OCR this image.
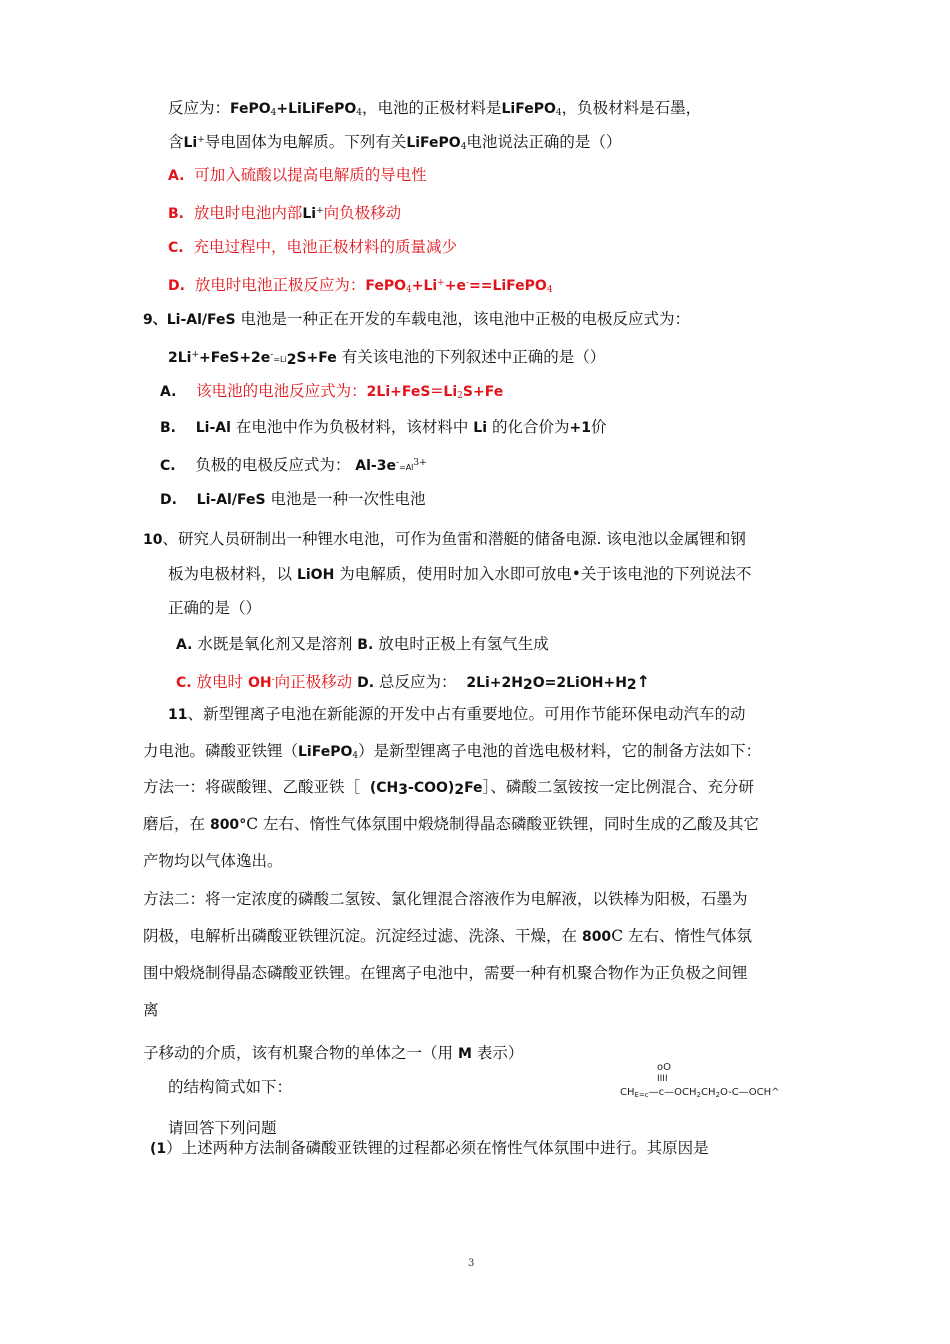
反应为：FePO$_4$+LiLiFePO$_4$，电池的正极材料是LiFePO$_4$，负极材料是石墨，
含Li+导电固体为电解质。下列有关LiFePO$_4$电池说法正确的是（）
A. 可加入硫酸以提高电解质的导电性
B. 放电时电池内部Li+向负极移动
C. 充电过程中，电池正极材料的质量减少
D. 放电时电池正极反应为：FePO$_4$+Li++e-==LiFePO$_4$
9、Li-Al/FeS 电池是一种正在开发的车载电池，该电池中正极的电极反应式为：
$2Li^++FeS+2e^-=Li_2S+Fe$ 有关该电池的下列叙述中正确的是（）
A. 该电池的电池反应式为：$2Li+FeS=Li_2S+Fe$
B. Li-Al 在电池中作为负极材料，该材料中 Li 的化合价为+1价
C. 负极的电极反应式为： $Al-3e^-=Al^{3+}$
D. Li-Al/FeS 电池是一种一次性电池
10、研究人员研制出一种锂水电池，可作为鱼雷和潜艇的储备电源. 该电池以金属锂和钢
板为电极材料，以 LiOH 为电解质，使用时加入水即可放电•关于该电池的下列说法不
正确的是（）
A. 水既是氧化剂又是溶剂 B. 放电时正极上有氢气生成
C. 放电时 OH-向正极移动 D. 总反应为： $2Li+2H_2O=2LiOH+H_2↑$
11、新型锂离子电池在新能源的开发中占有重要地位。可用作节能环保电动汽车的动
力电池。磷酸亚铁锂（LiFePO$_4$）是新型锂离子电池的首选电极材料，它的制备方法如下：
方法一：将碳酸锂、乙酸亚铁［ $(CH_3-COO)_2Fe]$、磷酸二氢铵按一定比例混合、充分研
磨后，在 800°C 左右、惰性气体氛围中煅烧制得晶态磷酸亚铁锂，同时生成的乙酸及其它
产物均以气体逸出。
方法二：将一定浓度的磷酸二氢铵、氯化锂混合溶液作为电解液，以铁棒为阳极，石墨为
阴极，电解析出磷酸亚铁锂沉淀。沉淀经过滤、洗涤、干燥，在 800C 左右、惰性气体氛
围中煅烧制得晶态磷酸亚铁锂。在锂离子电池中，需要一种有机聚合物作为正负极之间锂
离
子移动的介质，该有机聚合物的单体之一（用 M 表示）
的结构简式如下：
oO
IIII
$CH_{E=c}—c—OCH_2CH_2O-C—OCH\^{}$
请回答下列问题
(1）上述两种方法制备磷酸亚铁锂的过程都必须在惰性气体氛围中进行。其原因是
3
